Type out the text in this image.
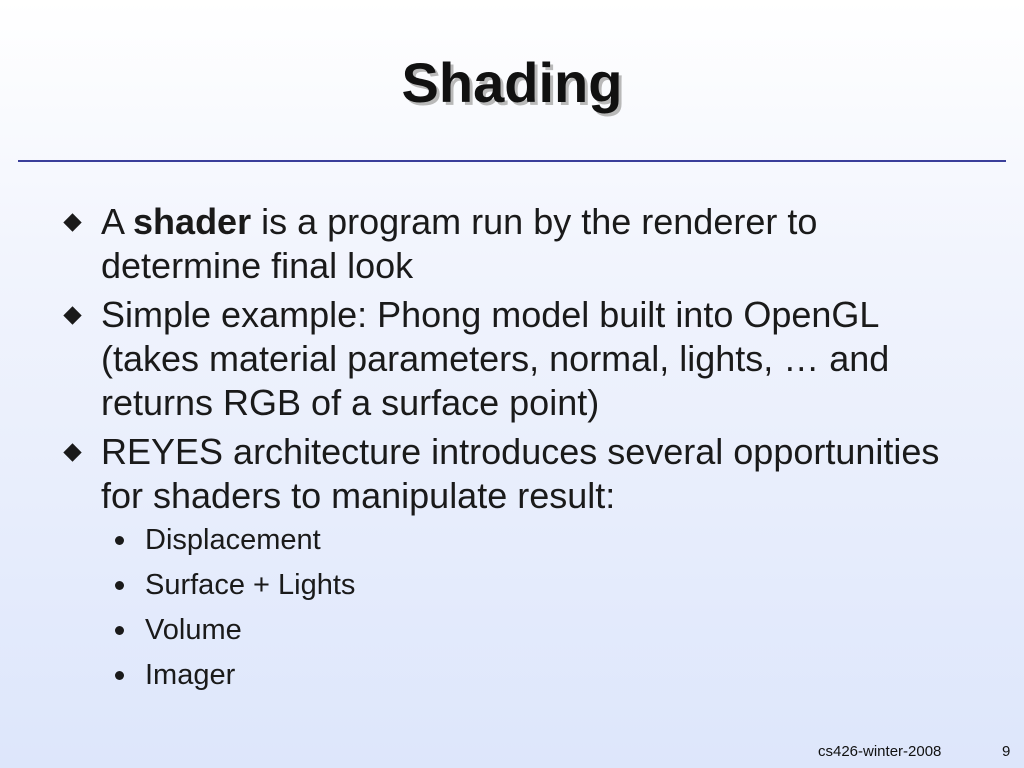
Shading
A shader is a program run by the renderer to determine final look
Simple example: Phong model built into OpenGL (takes material parameters, normal, lights, … and returns RGB of a surface point)
REYES architecture introduces several opportunities for shaders to manipulate result:
Displacement
Surface + Lights
Volume
Imager
cs426-winter-2008	9
